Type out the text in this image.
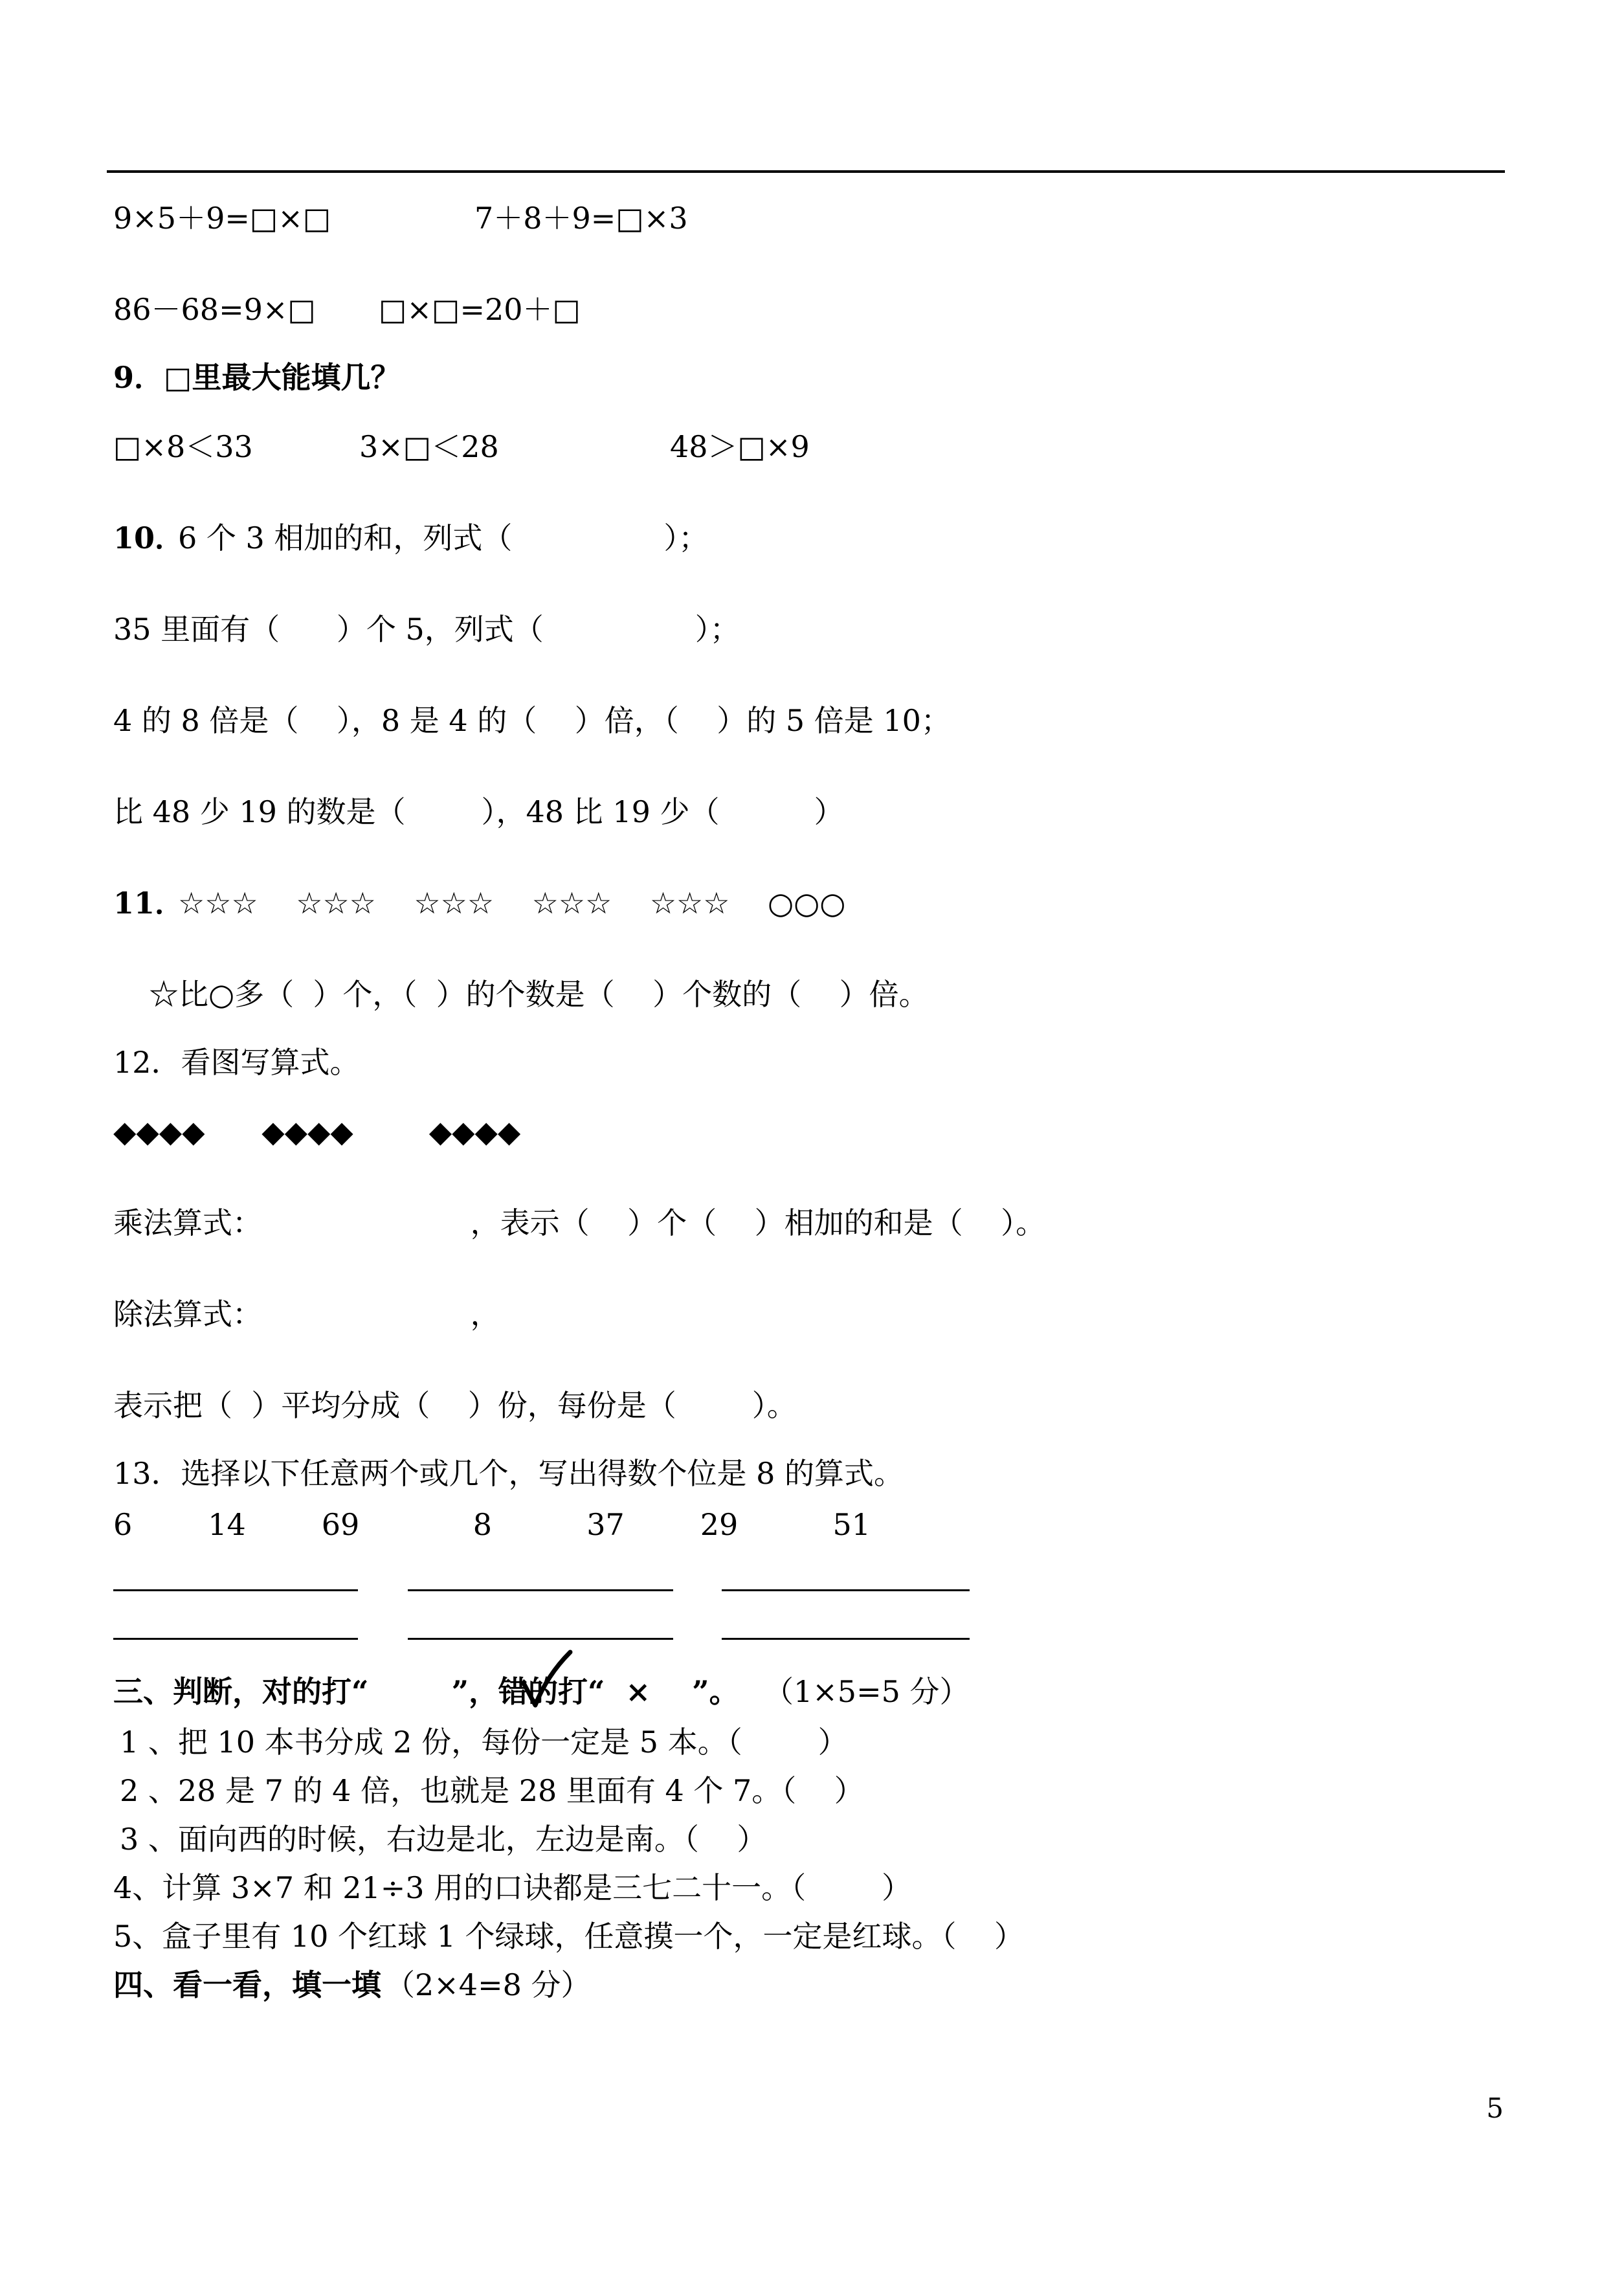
9×5＋9=□×□	7＋8＋9=□×3
86－68=9×□ □×□=20＋□
9．□里最大能填几？
□×8＜33	3×□＜28	48＞□×9
10．
6 个 3 相加的和，列式（                ）；
35 里面有（      ）个 5，列式（                ）；
4 的 8 倍是（    ），8 是 4 的（    ）倍，（    ）的 5 倍是 10；
比 48 少 19 的数是（        ），48 比 19 少（          ）
11．
☆☆☆    ☆☆☆    ☆☆☆    ☆☆☆    ☆☆☆    ○○○
☆比○多（  ）个，（  ）的个数是（    ）个数的（    ）倍。
12．看图写算式。
◆◆◆◆      ◆◆◆◆        ◆◆◆◆
乘法算式：                      ，表示（    ）个（    ）相加的和是（    ）。
除法算式：                      ，
表示把（  ）平均分成（    ）份，每份是（        ）。
13．选择以下任意两个或几个，写出得数个位是 8 的算式。
6        14        69            8          37        29          51
三、判断，对的打“        ”，错的打“  ×    ”。 （1×5=5 分）
1 、把 10 本书分成 2 份，每份一定是 5 本。（        ）
2 、28 是 7 的 4 倍，也就是 28 里面有 4 个 7。（    ）
3 、面向西的时候，右边是北，左边是南。（    ）
4、计算 3×7 和 21÷3 用的口诀都是三七二十一。（        ）
5、盒子里有 10 个红球 1 个绿球，任意摸一个，一定是红球。（    ）
四、看一看，填一填 （2×4=8 分）
5
